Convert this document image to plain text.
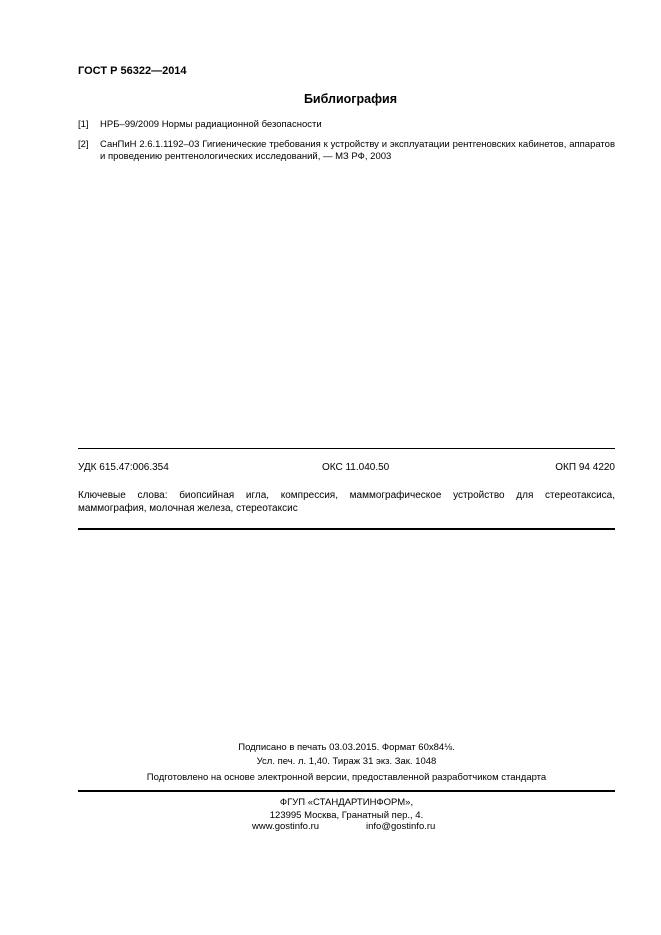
ГОСТ Р 56322—2014
Библиография
[1] НРБ–99/2009 Нормы радиационной безопасности
[2] СанПиН 2.6.1.1192–03 Гигиенические требования к устройству и эксплуатации рентгеновских кабинетов, аппаратов и проведению рентгенологических исследований, — МЗ РФ, 2003
УДК 615.47:006.354	ОКС 11.040.50	ОКП 94 4220
Ключевые слова: биопсийная игла, компрессия, маммографическое устройство для стереотаксиса,
маммография, молочная железа, стереотаксис
Подписано в печать 03.03.2015. Формат 60x84⅛.
Усл. печ. л. 1,40. Тираж 31 экз. Зак. 1048
Подготовлено на основе электронной версии, предоставленной разработчиком стандарта
ФГУП «СТАНДАРТИНФОРМ»,
123995 Москва, Гранатный пер., 4.
www.gostinfo.ru	info@gostinfo.ru
